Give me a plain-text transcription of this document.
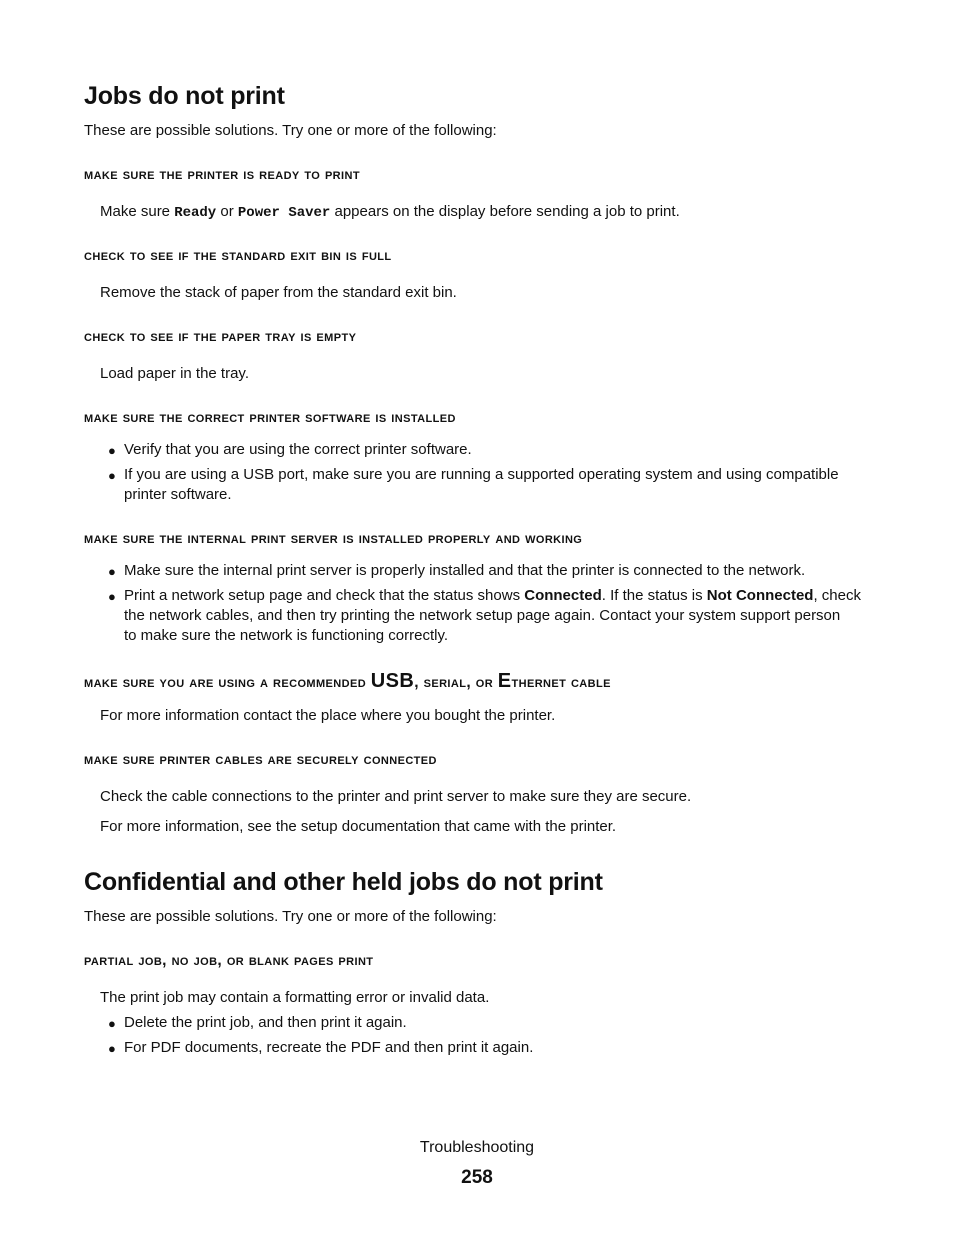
Jobs do not print
These are possible solutions. Try one or more of the following:
make sure the printer is ready to print
Make sure Ready or Power Saver appears on the display before sending a job to print.
check to see if the standard exit bin is full
Remove the stack of paper from the standard exit bin.
check to see if the paper tray is empty
Load paper in the tray.
make sure the correct printer software is installed
● Verify that you are using the correct printer software.
● If you are using a USB port, make sure you are running a supported operating system and using compatible
printer software.
make sure the internal print server is installed properly and working
● Make sure the internal print server is properly installed and that the printer is connected to the network.
● Print a network setup page and check that the status shows Connected. If the status is Not Connected, check
the network cables, and then try printing the network setup page again. Contact your system support person
to make sure the network is functioning correctly.
make sure you are using a recommended USB, serial, or Ethernet cable
For more information contact the place where you bought the printer.
make sure printer cables are securely connected
Check the cable connections to the printer and print server to make sure they are secure.
For more information, see the setup documentation that came with the printer.
Confidential and other held jobs do not print
These are possible solutions. Try one or more of the following:
partial job, no job, or blank pages print
The print job may contain a formatting error or invalid data.
● Delete the print job, and then print it again.
● For PDF documents, recreate the PDF and then print it again.
Troubleshooting
258
